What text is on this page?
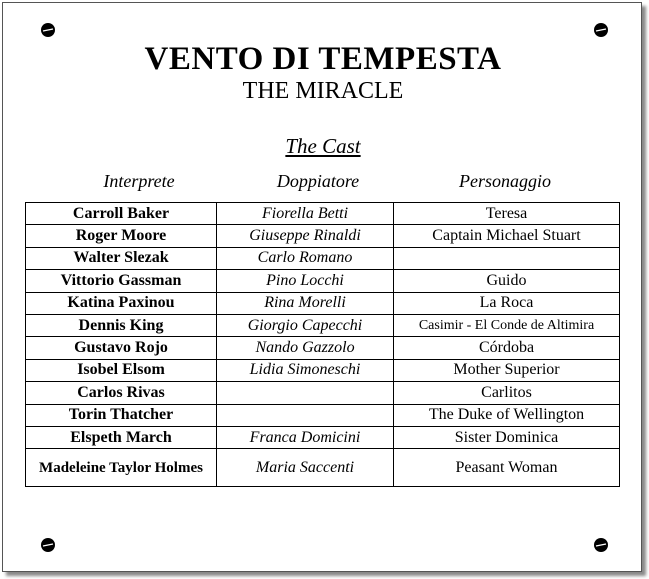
VENTO DI TEMPESTA
THE MIRACLE
The Cast
Interprete	Doppiatore	Personaggio
Carroll Baker	Fiorella Betti	Teresa
Roger Moore	Giuseppe Rinaldi	Captain Michael Stuart
Walter Slezak	Carlo Romano	
Vittorio Gassman	Pino Locchi	Guido
Katina Paxinou	Rina Morelli	La Roca
Dennis King	Giorgio Capecchi	Casimir - El Conde de Altimira
Gustavo Rojo	Nando Gazzolo	Córdoba
Isobel Elsom	Lidia Simoneschi	Mother Superior
Carlos Rivas		Carlitos
Torin Thatcher		The Duke of Wellington
Elspeth March	Franca Domicini	Sister Dominica
Madeleine Taylor Holmes	Maria Saccenti	Peasant Woman
